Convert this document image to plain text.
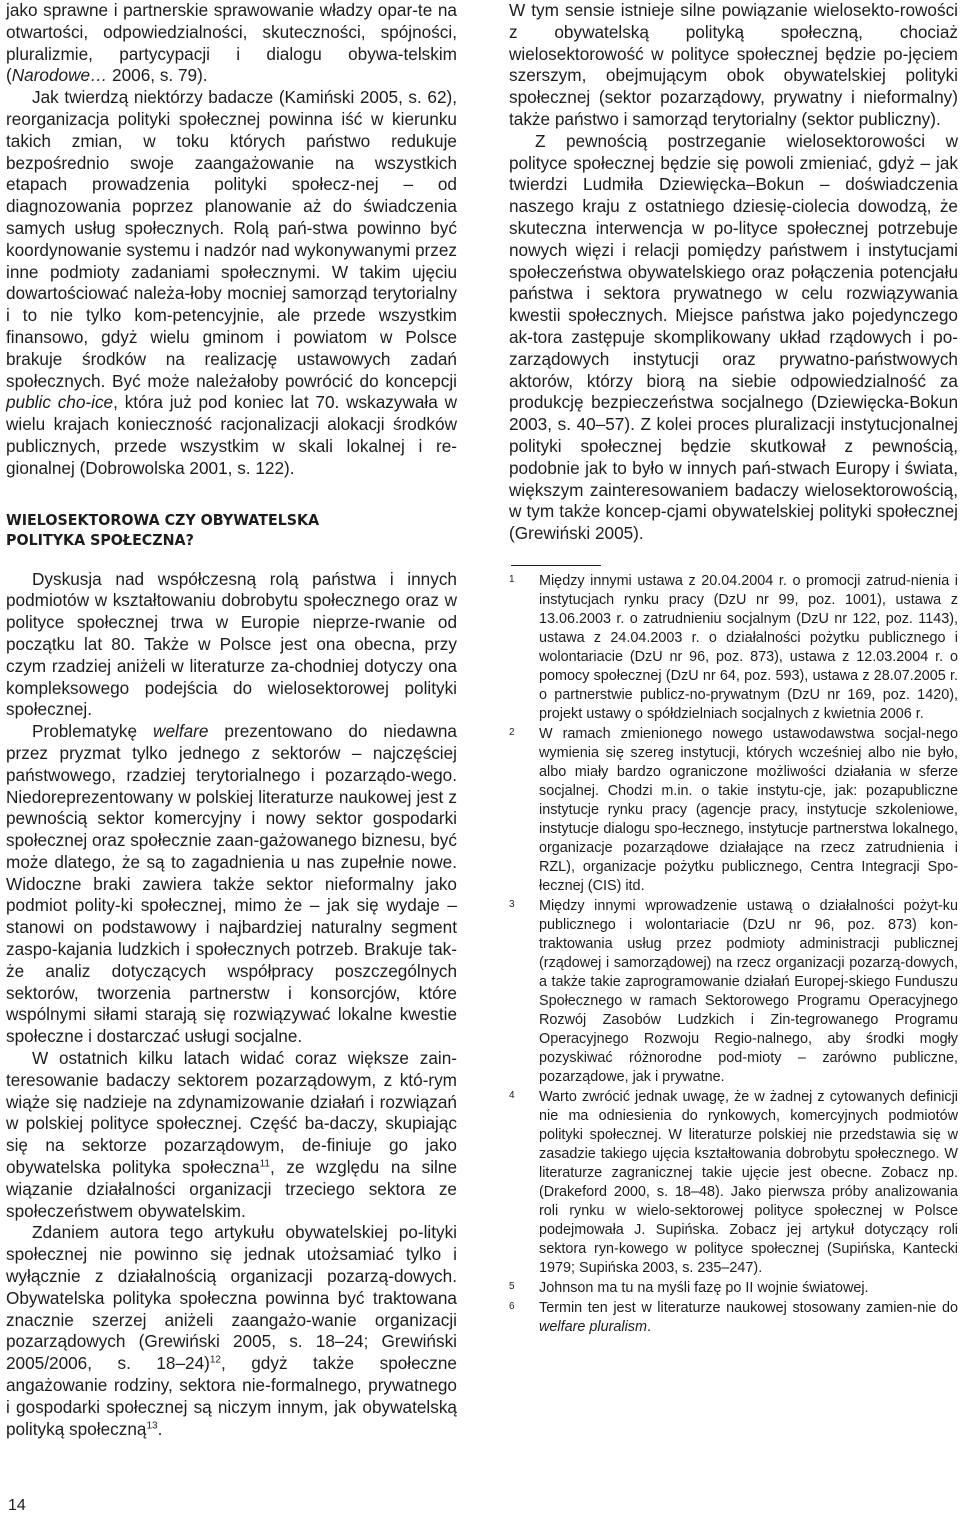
jako sprawne i partnerskie sprawowanie władzy opar-te na otwartości, odpowiedzialności, skuteczności, spójności, pluralizmie, partycypacji i dialogu obywa-telskim (Narodowe… 2006, s. 79).

Jak twierdzą niektórzy badacze (Kamiński 2005, s. 62), reorganizacja polityki społecznej powinna iść w kierunku takich zmian, w toku których państwo redukuje bezpośrednio swoje zaangażowanie na wszystkich etapach prowadzenia polityki społecz-nej – od diagnozowania poprzez planowanie aż do świadczenia samych usług społecznych. Rolą pań-stwa powinno być koordynowanie systemu i nadzór nad wykonywanymi przez inne podmioty zadaniami społecznymi. W takim ujęciu dowartościować należa-łoby mocniej samorząd terytorialny i to nie tylko kom-petencyjnie, ale przede wszystkim finansowo, gdyż wielu gminom i powiatom w Polsce brakuje środków na realizację ustawowych zadań społecznych. Być może należałoby powrócić do koncepcji public cho-ice, która już pod koniec lat 70. wskazywała w wielu krajach konieczność racjonalizacji alokacji środków publicznych, przede wszystkim w skali lokalnej i re-gionalnej (Dobrowolska 2001, s. 122).

WIELOSEKTOROWA CZY OBYWATELSKA
POLITYKA SPOŁECZNA?

Dyskusja nad współczesną rolą państwa i innych podmiotów w kształtowaniu dobrobytu społecznego oraz w polityce społecznej trwa w Europie nieprze-rwanie od początku lat 80. Także w Polsce jest ona obecna, przy czym rzadziej aniżeli w literaturze za-chodniej dotyczy ona kompleksowego podejścia do wielosektorowej polityki społecznej.

Problematykę welfare prezentowano do niedawna przez pryzmat tylko jednego z sektorów – najczęściej państwowego, rzadziej terytorialnego i pozarządo-wego. Niedoreprezentowany w polskiej literaturze naukowej jest z pewnością sektor komercyjny i nowy sektor gospodarki społecznej oraz społecznie zaan-gażowanego biznesu, być może dlatego, że są to zagadnienia u nas zupełnie nowe. Widoczne braki zawiera także sektor nieformalny jako podmiot polity-ki społecznej, mimo że – jak się wydaje – stanowi on podstawowy i najbardziej naturalny segment zaspo-kajania ludzkich i społecznych potrzeb. Brakuje tak-że analiz dotyczących współpracy poszczególnych sektorów, tworzenia partnerstw i konsorcjów, które wspólnymi siłami starają się rozwiązywać lokalne kwestie społeczne i dostarczać usługi socjalne.

W ostatnich kilku latach widać coraz większe zain-teresowanie badaczy sektorem pozarządowym, z któ-rym wiąże się nadzieje na zdynamizowanie działań i rozwiązań w polskiej polityce społecznej. Część ba-daczy, skupiając się na sektorze pozarządowym, de-finiuje go jako obywatelska polityka społeczna$^{11}$, ze względu na silne wiązanie działalności organizacji trzeciego sektora ze społeczeństwem obywatelskim.

Zdaniem autora tego artykułu obywatelskiej po-lityki społecznej nie powinno się jednak utożsamiać tylko i wyłącznie z działalnością organizacji pozarzą-dowych. Obywatelska polityka społeczna powinna być traktowana znacznie szerzej aniżeli zaangażo-wanie organizacji pozarządowych (Grewiński 2005, s. 18–24; Grewiński 2005/2006, s. 18–24)$^{12}$, gdyż także społeczne angażowanie rodziny, sektora nie-formalnego, prywatnego i gospodarki społecznej są niczym innym, jak obywatelską polityką społeczną$^{13}$.

W tym sensie istnieje silne powiązanie wielosekto-rowości z obywatelską polityką społeczną, chociaż wielosektorowość w polityce społecznej będzie po-jęciem szerszym, obejmującym obok obywatelskiej polityki społecznej (sektor pozarządowy, prywatny i nieformalny) także państwo i samorząd terytorialny (sektor publiczny).

Z pewnością postrzeganie wielosektorowości w polityce społecznej będzie się powoli zmieniać, gdyż – jak twierdzi Ludmiła Dziewięcka–Bokun – doświadczenia naszego kraju z ostatniego dziesię-ciolecia dowodzą, że skuteczna interwencja w po-lityce społecznej potrzebuje nowych więzi i relacji pomiędzy państwem i instytucjami społeczeństwa obywatelskiego oraz połączenia potencjału państwa i sektora prywatnego w celu rozwiązywania kwestii społecznych. Miejsce państwa jako pojedynczego ak-tora zastępuje skomplikowany układ rządowych i po-zarządowych instytucji oraz prywatno-państwowych aktorów, którzy biorą na siebie odpowiedzialność za produkcję bezpieczeństwa socjalnego (Dziewięcka-Bokun 2003, s. 40–57). Z kolei proces pluralizacji instytucjonalnej polityki społecznej będzie skutkował z pewnością, podobnie jak to było w innych pań-stwach Europy i świata, większym zainteresowaniem badaczy wielosektorowością, w tym także koncep-cjami obywatelskiej polityki społecznej (Grewiński 2005).

1 Między innymi ustawa z 20.04.2004 r. o promocji zatrud-nienia i instytucjach rynku pracy (DzU nr 99, poz. 1001), ustawa z 13.06.2003 r. o zatrudnieniu socjalnym (DzU nr 122, poz. 1143), ustawa z 24.04.2003 r. o działalności pożytku publicznego i wolontariacie (DzU nr 96, poz. 873), ustawa z 12.03.2004 r. o pomocy społecznej (DzU nr 64, poz. 593), ustawa z 28.07.2005 r. o partnerstwie publicz-no-prywatnym (DzU nr 169, poz. 1420), projekt ustawy o spółdzielniach socjalnych z kwietnia 2006 r.
2 W ramach zmienionego nowego ustawodawstwa socjal-nego wymienia się szereg instytucji, których wcześniej albo nie było, albo miały bardzo ograniczone możliwości działania w sferze socjalnej. Chodzi m.in. o takie instytu-cje, jak: pozapubliczne instytucje rynku pracy (agencje pracy, instytucje szkoleniowe, instytucje dialogu spo-łecznego, instytucje partnerstwa lokalnego, organizacje pozarządowe działające na rzecz zatrudnienia i RZL), organizacje pożytku publicznego, Centra Integracji Spo-łecznej (CIS) itd.
3 Między innymi wprowadzenie ustawą o działalności pożyt-ku publicznego i wolontariacie (DzU nr 96, poz. 873) kon-traktowania usług przez podmioty administracji publicznej (rządowej i samorządowej) na rzecz organizacji pozarzą-dowych, a także takie zaprogramowanie działań Europej-skiego Funduszu Społecznego w ramach Sektorowego Programu Operacyjnego Rozwój Zasobów Ludzkich i Zin-tegrowanego Programu Operacyjnego Rozwoju Regio-nalnego, aby środki mogły pozyskiwać różnorodne pod-mioty – zarówno publiczne, pozarządowe, jak i prywatne.
4 Warto zwrócić jednak uwagę, że w żadnej z cytowanych definicji nie ma odniesienia do rynkowych, komercyjnych podmiotów polityki społecznej. W literaturze polskiej nie przedstawia się w zasadzie takiego ujęcia kształtowania dobrobytu społecznego. W literaturze zagranicznej takie ujęcie jest obecne. Zobacz np. (Drakeford 2000, s. 18–48). Jako pierwsza próby analizowania roli rynku w wielo-sektorowej polityce społecznej w Polsce podejmowała J. Supińska. Zobacz jej artykuł dotyczący roli sektora ryn-kowego w polityce społecznej (Supińska, Kantecki 1979; Supińska 2003, s. 235–247).
5 Johnson ma tu na myśli fazę po II wojnie światowej.
6 Termin ten jest w literaturze naukowej stosowany zamien-nie do welfare pluralism.
14
